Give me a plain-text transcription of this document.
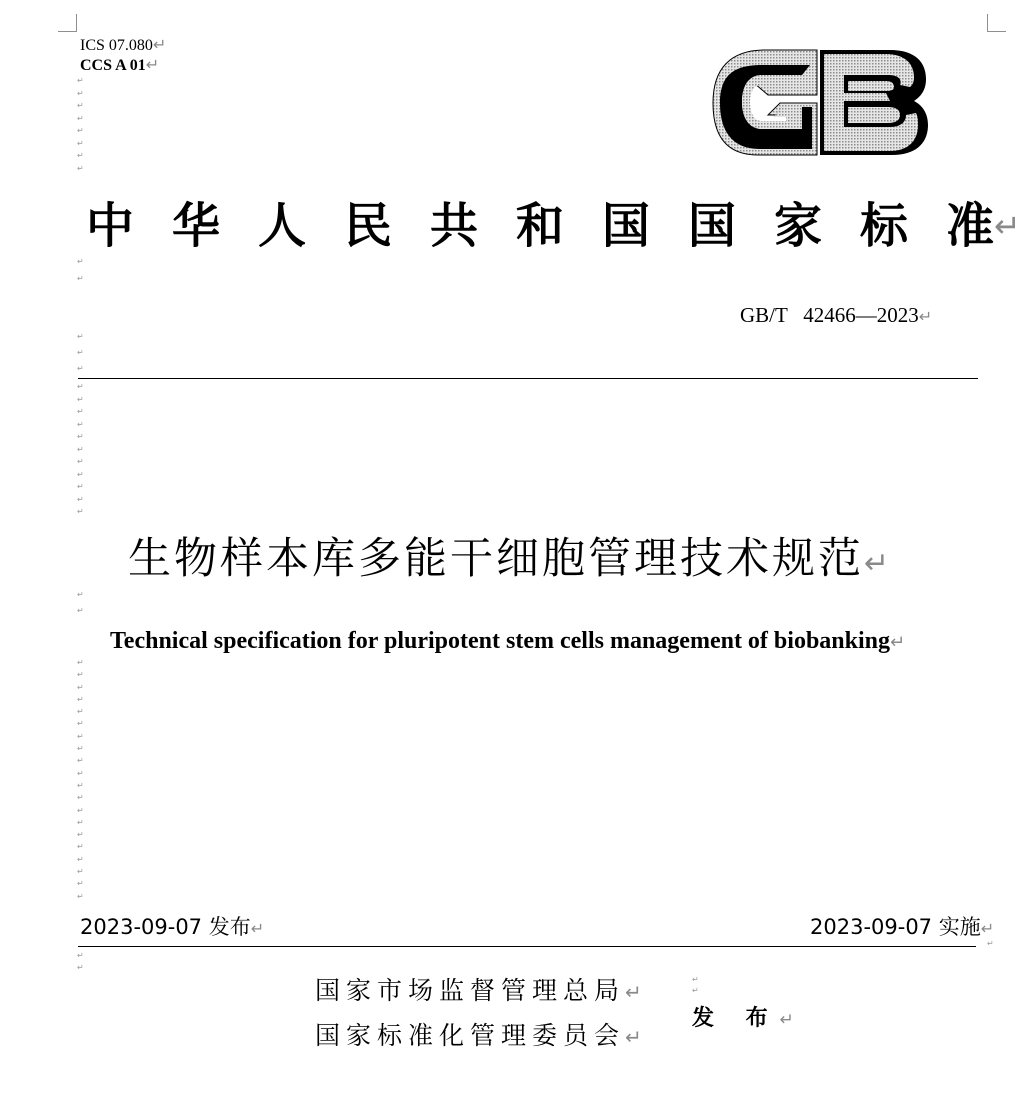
ICS 07.080↵
CCS A 01↵
↵
↵
↵
↵
↵
↵
↵
↵
中 华 人 民 共 和 国 国 家 标 准 ↵
↵
↵
GB/T   42466—2023↵
↵
↵
↵
↵
↵
↵
↵
↵
↵
↵
↵
↵
↵
↵
生物样本库多能干细胞管理技术规范↵
↵
↵
Technical specification for pluripotent stem cells management of biobanking↵
↵
↵
↵
↵
↵
↵
↵
↵
↵
↵
↵
↵
↵
↵
↵
↵
↵
↵
↵
↵
2023-09-07 发布↵	2023-09-07 实施↵
↵
↵
↵
国家市场监督管理总局↵
国家标准化管理委员会↵
↵
↵
发 布↵
